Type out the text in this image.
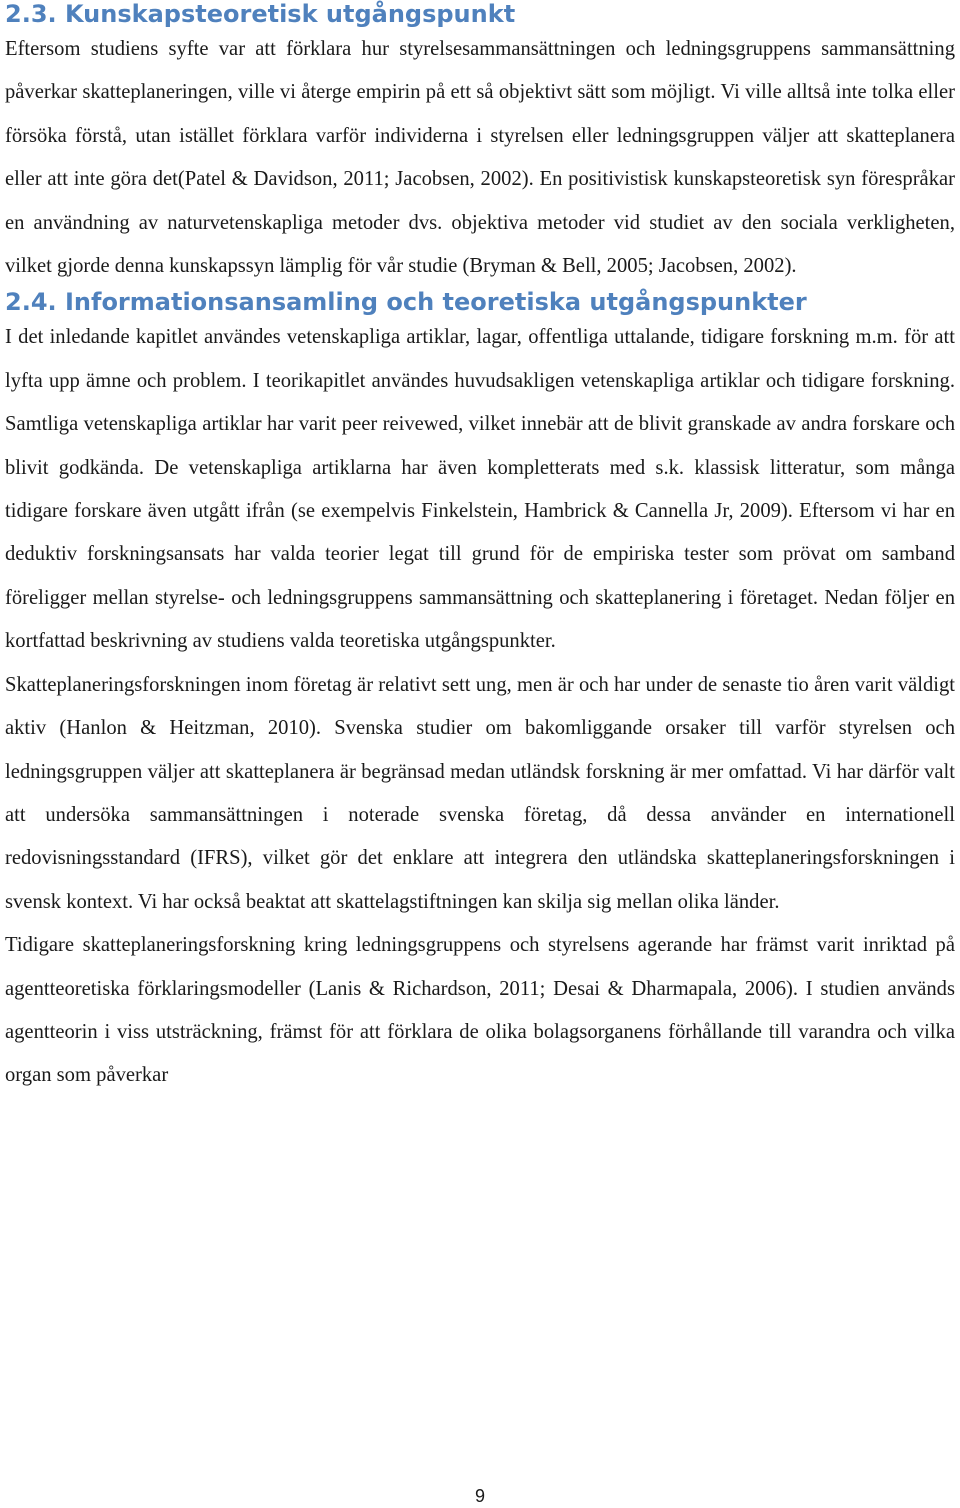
2.3. Kunskapsteoretisk utgångspunkt

Eftersom studiens syfte var att förklara hur styrelsesammansättningen och ledningsgruppens sammansättning påverkar skatteplaneringen, ville vi återge empirin på ett så objektivt sätt som möjligt. Vi ville alltså inte tolka eller försöka förstå, utan istället förklara varför individerna i styrelsen eller ledningsgruppen väljer att skatteplanera eller att inte göra det(Patel & Davidson, 2011; Jacobsen, 2002). En positivistisk kunskapsteoretisk syn förespråkar en användning av naturvetenskapliga metoder dvs. objektiva metoder vid studiet av den sociala verkligheten, vilket gjorde denna kunskapssyn lämplig för vår studie (Bryman & Bell, 2005; Jacobsen, 2002).

2.4. Informationsansamling och teoretiska utgångspunkter

I det inledande kapitlet användes vetenskapliga artiklar, lagar, offentliga uttalande, tidigare forskning m.m. för att lyfta upp ämne och problem. I teorikapitlet användes huvudsakligen vetenskapliga artiklar och tidigare forskning. Samtliga vetenskapliga artiklar har varit peer reivewed, vilket innebär att de blivit granskade av andra forskare och blivit godkända. De vetenskapliga artiklarna har även kompletterats med s.k. klassisk litteratur, som många tidigare forskare även utgått ifrån (se exempelvis Finkelstein, Hambrick & Cannella Jr, 2009). Eftersom vi har en deduktiv forskningsansats har valda teorier legat till grund för de empiriska tester som prövat om samband föreligger mellan styrelse- och ledningsgruppens sammansättning och skatteplanering i företaget. Nedan följer en kortfattad beskrivning av studiens valda teoretiska utgångspunkter.

Skatteplaneringsforskningen inom företag är relativt sett ung, men är och har under de senaste tio åren varit väldigt aktiv (Hanlon & Heitzman, 2010). Svenska studier om bakomliggande orsaker till varför styrelsen och ledningsgruppen väljer att skatteplanera är begränsad medan utländsk forskning är mer omfattad. Vi har därför valt att undersöka sammansättningen i noterade svenska företag, då dessa använder en internationell redovisningsstandard (IFRS), vilket gör det enklare att integrera den utländska skatteplaneringsforskningen i svensk kontext. Vi har också beaktat att skattelagstiftningen kan skilja sig mellan olika länder.

Tidigare skatteplaneringsforskning kring ledningsgruppens och styrelsens agerande har främst varit inriktad på agentteoretiska förklaringsmodeller (Lanis & Richardson, 2011; Desai & Dharmapala, 2006). I studien används agentteorin i viss utsträckning, främst för att förklara de olika bolagsorganens förhållande till varandra och vilka organ som påverkar

9
